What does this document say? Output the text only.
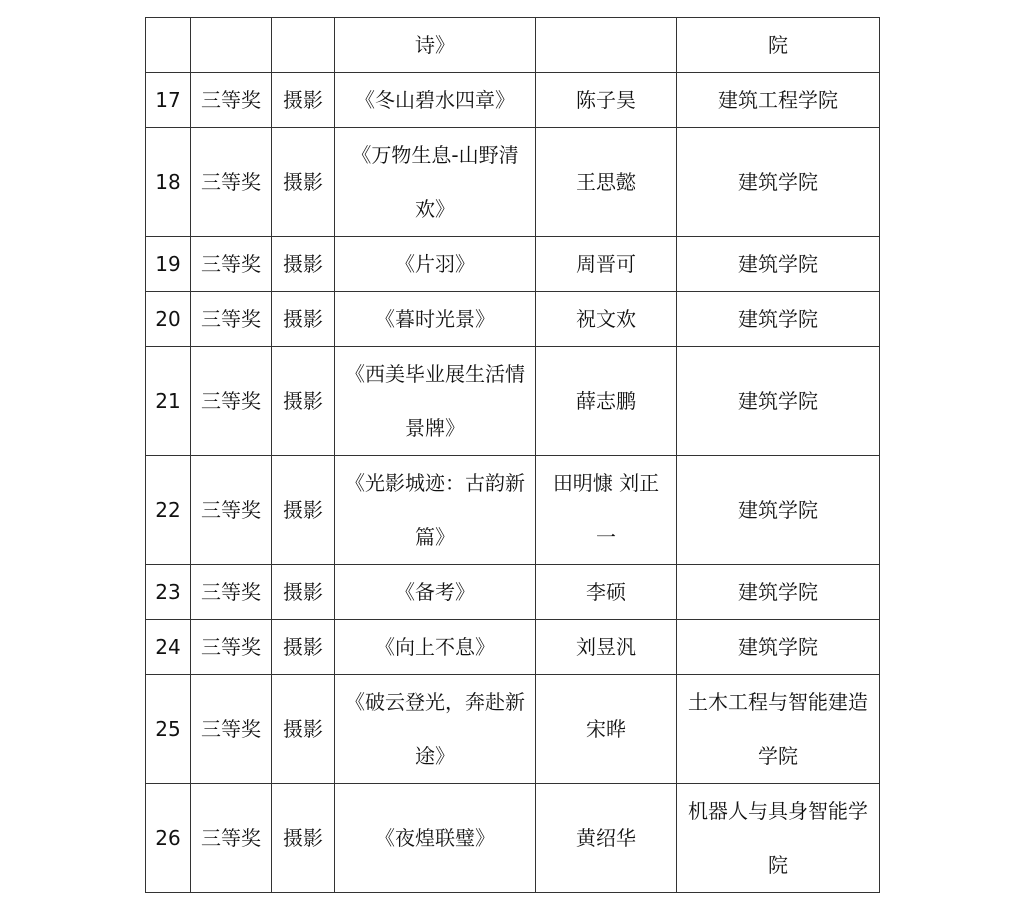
			诗》		院
17	三等奖	摄影	《冬山碧水四章》	陈子昊	建筑工程学院
18	三等奖	摄影	《万物生息-山野清欢》	王思懿	建筑学院
19	三等奖	摄影	《片羽》	周晋可	建筑学院
20	三等奖	摄影	《暮时光景》	祝文欢	建筑学院
21	三等奖	摄影	《西美毕业展生活情景牌》	薛志鹏	建筑学院
22	三等奖	摄影	《光影城迹：古韵新篇》	田明慷 刘正一	建筑学院
23	三等奖	摄影	《备考》	李硕	建筑学院
24	三等奖	摄影	《向上不息》	刘昱汎	建筑学院
25	三等奖	摄影	《破云登光，奔赴新途》	宋晔	土木工程与智能建造学院
26	三等奖	摄影	《夜煌联璧》	黄绍华	机器人与具身智能学院
